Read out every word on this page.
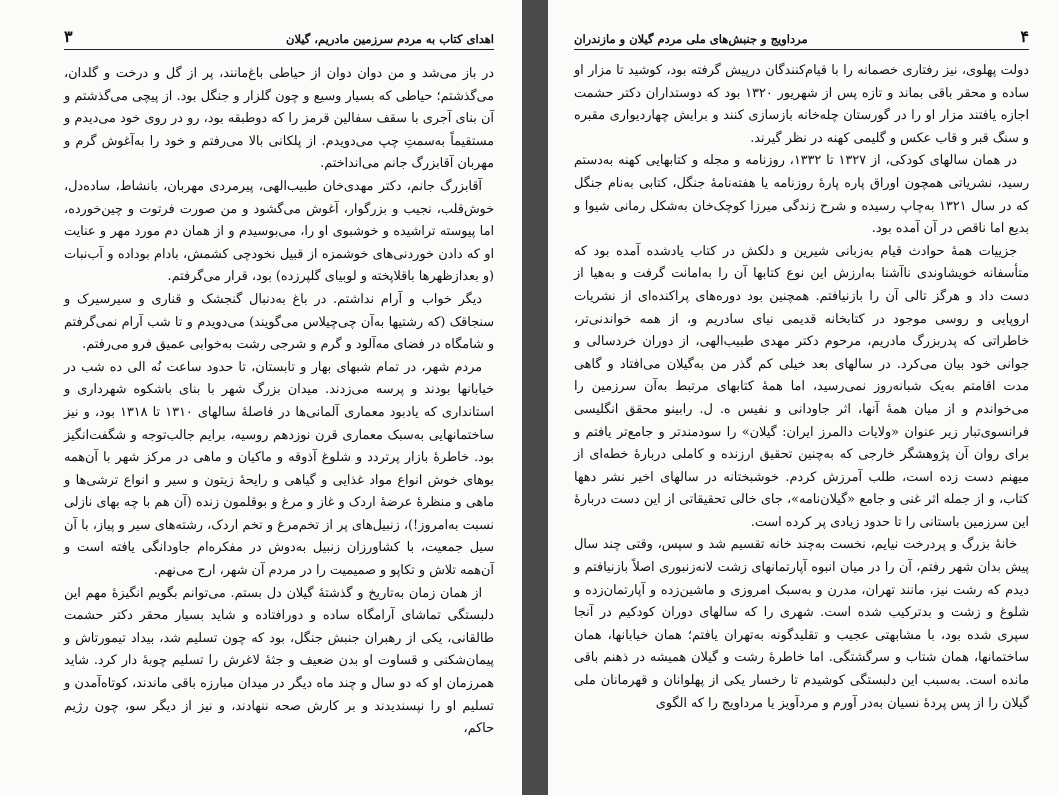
۳	اهدای کتاب به مردم سرزمین مادریم، گیلان

در باز می‌شد و من دوان دوان از حیاطی باغ‌مانند، پر از گل و درخت و گلدان، می‌گذشتم؛ حیاطی که بسیار وسیع و چون گلزار و جنگل بود. از پیچی می‌گذشتم و آن بنای آجری با سقف سفالین قرمز را که دوطبقه بود، رو در روی خود می‌دیدم و مستقیماً به‌سمتِ چپ می‌دویدم. از پلکانی بالا می‌رفتم و خود را به‌آغوش گرم و مهربان آقابزرگ جانم می‌انداختم.

آقابزرگ جانم، دکتر مهدی‌خان طبیب‌الهی، پیرمردی مهربان، بانشاط، ساده‌دل، خوش‌قلب، نجیب و بزرگوار، آغوش می‌گشود و من صورت فرتوت و چین‌خورده، اما پیوسته تراشیده و خوشبوی او را، می‌بوسیدم و از همان دم مورد مهر و عنایت او که دادن خوردنی‌های خوشمزه از قبیل نخودچی کشمش، بادام بوداده و آب‌نبات (و بعدازظهرها باقلاپخته و لوبیای گلپرزده) بود، قرار می‌گرفتم.

دیگر خواب و آرام نداشتم. در باغ به‌دنبال گنجشک و قناری و سیرسیرک و سنجاقک (که رشتیها به‌آن چی‌چیلاس می‌گویند) می‌دویدم و تا شب آرام نمی‌گرفتم و شامگاه در فضای مه‌آلود و گرم و شرجی رشت به‌خوابی عمیق فرو می‌رفتم.

مردم شهر، در تمام شبهای بهار و تابستان، تا حدود ساعت نُه الی ده شب در خیابانها بودند و پرسه می‌زدند. میدان بزرگ شهر با بنای باشکوه شهرداری و استانداری که یادبود معماری آلمانی‌ها در فاصلهٔ سالهای ۱۳۱۰ تا ۱۳۱۸ بود، و نیز ساختمانهایی به‌سبک معماری قرن نوزدهم روسیه، برایم جالب‌توجه و شگفت‌انگیز بود. خاطرهٔ بازار پرتردد و شلوغ آذوقه و ماکیان و ماهی در مرکز شهر با آن‌همه بوهای خوش انواع مواد غذایی و گیاهی و رایحهٔ زیتون و سیر و انواع ترشی‌ها و ماهی و منظرهٔ عرضهٔ اردک و غاز و مرغ و بوقلمون زنده (آن هم با چه بهای نازلی نسبت به‌امروز!)، زنبیل‌های پر از تخم‌مرغ و تخم اردک، رشته‌های سیر و پیاز، با آن سیل جمعیت، با کشاورزان زنبیل به‌دوش در مفکره‌ام جاودانگی یافته است و آن‌همه تلاش و تکاپو و صمیمیت را در مردم آن شهر، ارج می‌نهم.

از همان زمان به‌تاریخ و گذشتهٔ گیلان دل بستم. می‌توانم بگویم انگیزهٔ مهم این دلبستگی تماشای آرامگاه ساده و دورافتاده و شاید بسیار محقر دکتر حشمت طالقانی، یکی از رهبران جنبش جنگل، بود که چون تسلیم شد، بیداد تیمورتاش و پیمان‌شکنی و قساوت او بدن ضعیف و جثهٔ لاغرش را تسلیم چوبهٔ دار کرد. شاید همرزمان او که دو سال و چند ماه دیگر در میدان مبارزه باقی ماندند، کوتاه‌آمدن و تسلیم او را نپسندیدند و بر کارش صحه ننهادند، و نیز از دیگر سو، چون رژیم حاکم،

مرداویج و جنبش‌های ملی مردم گیلان و مازندران	۴

دولت پهلوی، نیز رفتاری خصمانه را با قیام‌کنندگان درپیش گرفته بود، کوشید تا مزار او ساده و محقر باقی بماند و تازه پس از شهریور ۱۳۲۰ بود که دوستداران دکتر حشمت اجازه یافتند مزار او را در گورستان چله‌خانه بازسازی کنند و برایش چهاردیواری مقبره و سنگ قبر و قاب عکس و گلیمی کهنه در نظر گیرند.

در همان سالهای کودکی، از ۱۳۲۷ تا ۱۳۳۲، روزنامه و مجله و کتابهایی کهنه به‌دستم رسید، نشریاتی همچون اوراق پاره پارهٔ روزنامه یا هفته‌نامهٔ جنگل، کتابی به‌نام جنگل که در سال ۱۳۲۱ به‌چاپ رسیده و شرح زندگی میرزا کوچک‌خان به‌شکل رمانی شیوا و بدیع اما ناقص در آن آمده بود.

جزییات همهٔ حوادث قیام به‌زبانی شیرین و دلکش در کتاب یادشده آمده بود که متأسفانه خویشاوندی ناآشنا به‌ارزش این نوع کتابها آن را به‌امانت گرفت و به‌هیا از دست داد و هرگز تالی آن را بازنیافتم. همچنین بود دوره‌های پراکنده‌ای از نشریات اروپایی و روسی موجود در کتابخانه قدیمی نیای سادریم و، از همه خواندنی‌تر، خاطراتی که پدربزرگ مادریم، مرحوم دکتر مهدی طبیب‌الهی، از دوران خردسالی و جوانی خود بیان می‌کرد. در سالهای بعد خیلی کم گذر من به‌گیلان می‌افتاد و گاهی مدت اقامتم به‌یک شبانه‌روز نمی‌رسید، اما همهٔ کتابهای مرتبط به‌آن سرزمین را می‌خواندم و از میان همهٔ آنها، اثر جاودانی و نفیس ه. ل. رابینو محقق انگلیسی فرانسوی‌تبار زیر عنوان «ولایات دالمرز ایران: گیلان» را سودمندتر و جامع‌تر یافتم و برای روان آن پژوهشگر خارجی که به‌چنین تحقیق ارزنده و کاملی دربارهٔ خطه‌ای از میهنم دست زده است، طلب آمرزش کردم. خوشبختانه در سالهای اخیر نشر دهها کتاب، و از جمله اثر غنی و جامع «گیلان‌نامه»، جای خالی تحقیقاتی از این دست دربارهٔ این سرزمین باستانی را تا حدود زیادی پر کرده است.

خانهٔ بزرگ و پردرخت نیایم، نخست به‌چند خانه تقسیم شد و سپس، وقتی چند سال پیش بدان شهر رفتم، آن را در میان انبوه آپارتمانهای زشت لانه‌زنبوری اصلاً بازنیافتم و دیدم که رشت نیز، مانند تهران، مدرن و به‌سبک امروزی و ماشین‌زده و آپارتمان‌زده و شلوغ و زشت و بدترکیب شده است. شهری را که سالهای دوران کودکیم در آنجا سپری شده بود، با مشابهتی عجیب و تقلیدگونه به‌تهران یافتم؛ همان خیابانها، همان ساختمانها، همان شتاب و سرگشتگی. اما خاطرهٔ رشت و گیلان همیشه در ذهنم باقی مانده است. به‌سبب این دلبستگی کوشیدم تا رخسار یکی از پهلوانان و قهرمانان ملی گیلان را از پس پردهٔ نسیان به‌در آورم و مردآویز یا مرداویج را که الگوی
